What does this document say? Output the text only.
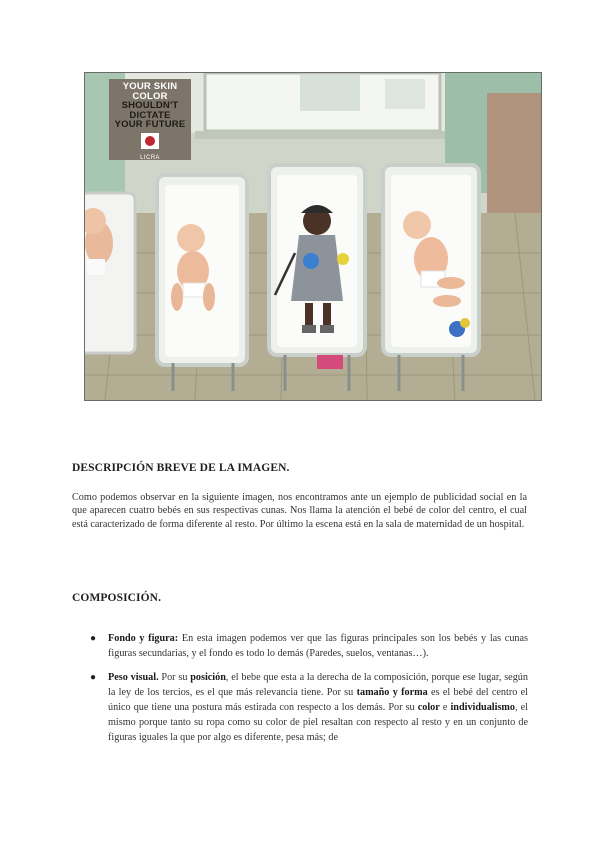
YOUR SKIN
COLOR
SHOULDN'T
DICTATE
YOUR FUTURE
LICRA
DESCRIPCIÓN BREVE DE LA IMAGEN.

Como podemos observar en la siguiente imagen, nos encontramos ante un ejemplo de publicidad social en la que aparecen cuatro bebés en sus respectivas cunas. Nos llama la atención el bebé de color del centro, el cual está caracterizado de forma diferente al resto. Por último la escena está en la sala de maternidad de un hospital.

COMPOSICIÓN.
● Fondo y figura: En esta imagen podemos ver que las figuras principales son los bebés y las cunas figuras secundarias, y el fondo es todo lo demás (Paredes, suelos, ventanas…).
● Peso visual. Por su posición, el bebe que esta a la derecha de la composición, porque ese lugar, según la ley de los tercios, es el que más relevancia tiene. Por su tamaño y forma es el bebé del centro el único que tiene una postura más estirada con respecto a los demás. Por su color e individualismo, el mismo porque tanto su ropa como su color de piel resaltan con respecto al resto y en un conjunto de figuras iguales la que por algo es diferente, pesa más; de
